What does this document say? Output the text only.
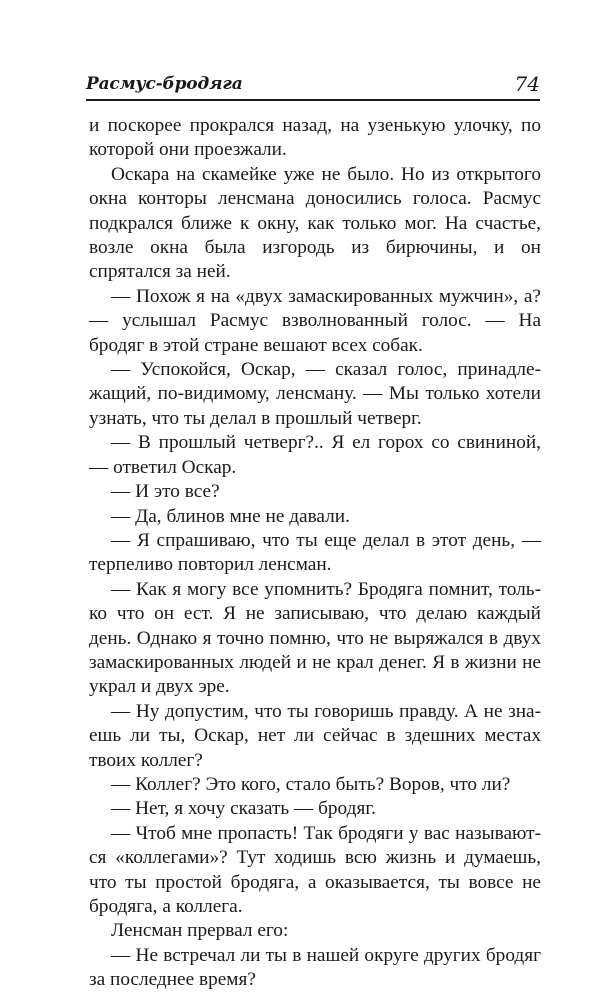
Расмус-бродяга	74

и поскорее прокрался назад, на узенькую улочку, по которой они проезжали.

Оскара на скамейке уже не было. Но из открытого окна конторы ленсмана доносились голоса. Расмус подкрался ближе к окну, как только мог. На счастье, возле окна была изгородь из бирючины, и он спрятался за ней.

— Похож я на «двух замаскированных мужчин», а? — услышал Расмус взволнованный голос. — На бродяг в этой стране вешают всех собак.

— Успокойся, Оскар, — сказал голос, принадлежащий, по-видимому, ленсману. — Мы только хотели узнать, что ты делал в прошлый четверг.

— В прошлый четверг?.. Я ел горох со свининой, — ответил Оскар.

— И это все?

— Да, блинов мне не давали.

— Я спрашиваю, что ты еще делал в этот день, — терпеливо повторил ленсман.

— Как я могу все упомнить? Бродяга помнит, только что он ест. Я не записываю, что делаю каждый день. Однако я точно помню, что не выряжался в двух замаскированных людей и не крал денег. Я в жизни не украл и двух эре.

— Ну допустим, что ты говоришь правду. А не знаешь ли ты, Оскар, нет ли сейчас в здешних местах твоих коллег?

— Коллег? Это кого, стало быть? Воров, что ли?

— Нет, я хочу сказать — бродяг.

— Чтоб мне пропасть! Так бродяги у вас называются «коллегами»? Тут ходишь всю жизнь и думаешь, что ты простой бродяга, а оказывается, ты вовсе не бродяга, а коллега.

Ленсман прервал его:

— Не встречал ли ты в нашей округе других бродяг за последнее время?
